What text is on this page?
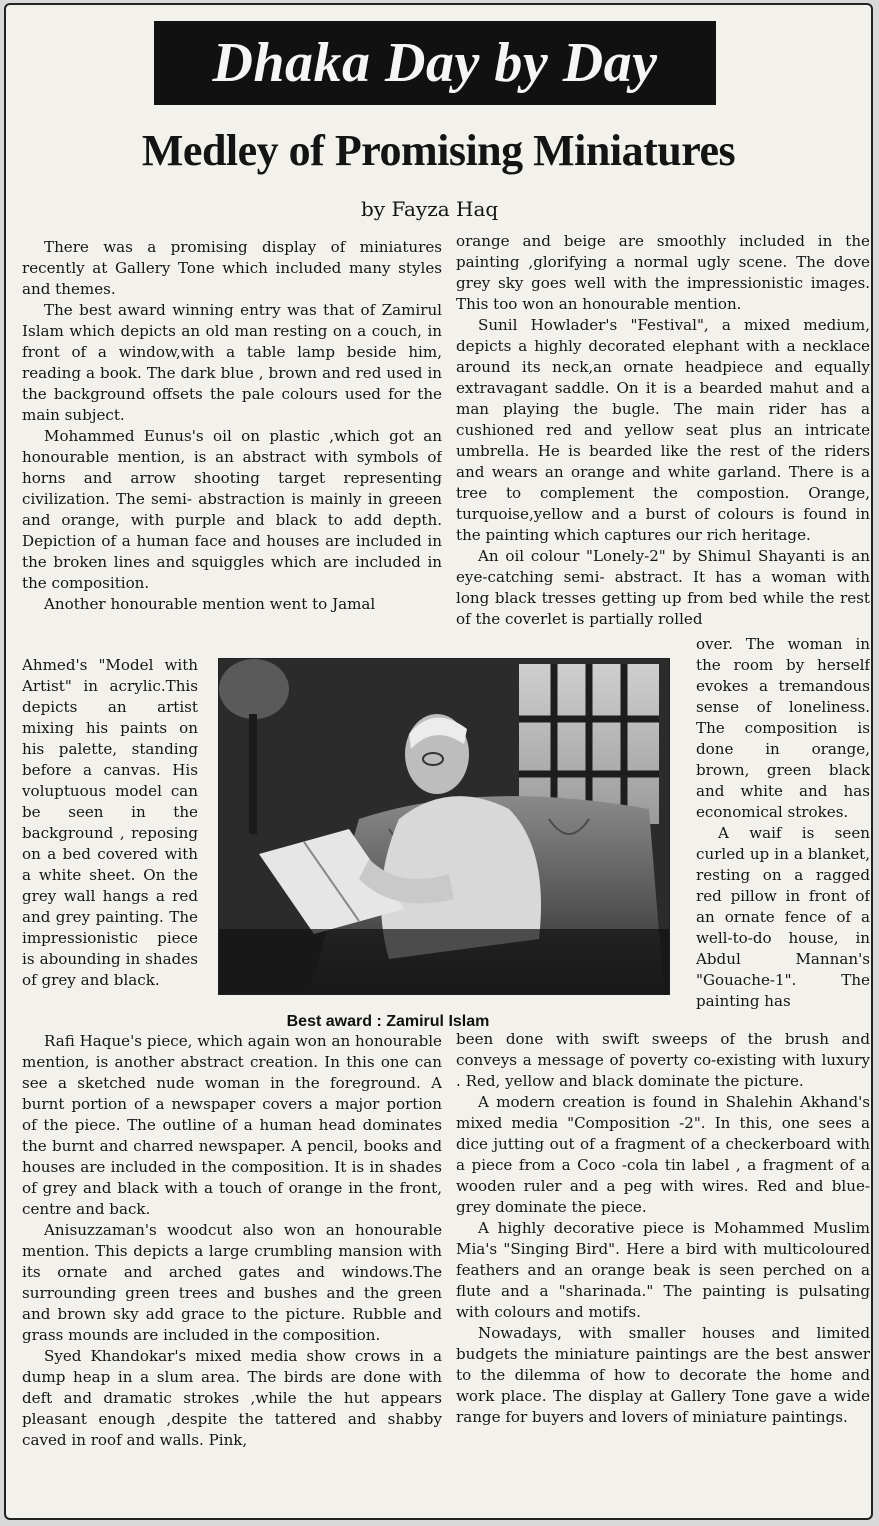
Dhaka Day by Day
Medley of Promising Miniatures
by Fayza Haq

There was a promising display of miniatures recently at Gallery Tone which included many styles and themes.

The best award winning entry was that of Zamirul Islam which depicts an old man resting on a couch, in front of a window,with a table lamp beside him, reading a book. The dark blue , brown and red used in the background offsets the pale colours used for the main subject.

Mohammed Eunus's oil on plastic ,which got an honourable mention, is an abstract with symbols of horns and arrow shooting target representing civilization. The semi- abstraction is mainly in greeen and orange, with purple and black to add depth. Depiction of a human face and houses are included in the broken lines and squiggles which are included in the composition.

Another honourable mention went to Jamal

Ahmed's "Model with Artist" in acrylic.This depicts an artist mixing his paints on his palette, standing before a canvas. His voluptuous model can be seen in the background , reposing on a bed covered with a white sheet. On the grey wall hangs a red and grey painting. The impressionistic piece is abounding in shades of grey and black.

Best award : Zamirul Islam

Rafi Haque's piece, which again won an honourable mention, is another abstract creation. In this one can see a sketched nude woman in the foreground. A burnt portion of a newspaper covers a major portion of the piece. The outline of a human head dominates the burnt and charred newspaper. A pencil, books and houses are included in the composition. It is in shades of grey and black with a touch of orange in the front, centre and back.

Anisuzzaman's woodcut also won an honourable mention. This depicts a large crumbling mansion with its ornate and arched gates and windows.The surrounding green trees and bushes and the green and brown sky add grace to the picture. Rubble and grass mounds are included in the composition.

Syed Khandokar's mixed media show crows in a dump heap in a slum area. The birds are done with deft and dramatic strokes ,while the hut appears pleasant enough ,despite the tattered and shabby caved in roof and walls. Pink,

orange and beige are smoothly included in the painting ,glorifying a normal ugly scene. The dove grey sky goes well with the impressionistic images. This too won an honourable mention.

Sunil Howlader's "Festival", a mixed medium, depicts a highly decorated elephant with a necklace around its neck,an ornate headpiece and equally extravagant saddle. On it is a bearded mahut and a man playing the bugle. The main rider has a cushioned red and yellow seat plus an intricate umbrella. He is bearded like the rest of the riders and wears an orange and white garland. There is a tree to complement the compostion. Orange, turquoise,yellow and a burst of colours is found in the painting which captures our rich heritage.

An oil colour "Lonely-2" by Shimul Shayanti is an eye-catching semi- abstract. It has a woman with long black tresses getting up from bed while the rest of the coverlet is partially rolled

over. The woman in the room by herself evokes a tremandous sense of loneliness. The composition is done in orange, brown, green black and white and has economical strokes.

A waif is seen curled up in a blanket, resting on a ragged red pillow in front of an ornate fence of a well-to-do house, in Abdul Mannan's "Gouache-1". The painting has

been done with swift sweeps of the brush and conveys a message of poverty co-existing with luxury . Red, yellow and black dominate the picture.

A modern creation is found in Shalehin Akhand's mixed media "Composition -2". In this, one sees a dice jutting out of a fragment of a checkerboard with a piece from a Coco -cola tin label , a fragment of a wooden ruler and a peg with wires. Red and blue-grey dominate the piece.

A highly decorative piece is Mohammed Muslim Mia's "Singing Bird". Here a bird with multicoloured feathers and an orange beak is seen perched on a flute and a "sharinada." The painting is pulsating with colours and motifs.

Nowadays, with smaller houses and limited budgets the miniature paintings are the best answer to the dilemma of how to decorate the home and work place. The display at Gallery Tone gave a wide range for buyers and lovers of miniature paintings.
